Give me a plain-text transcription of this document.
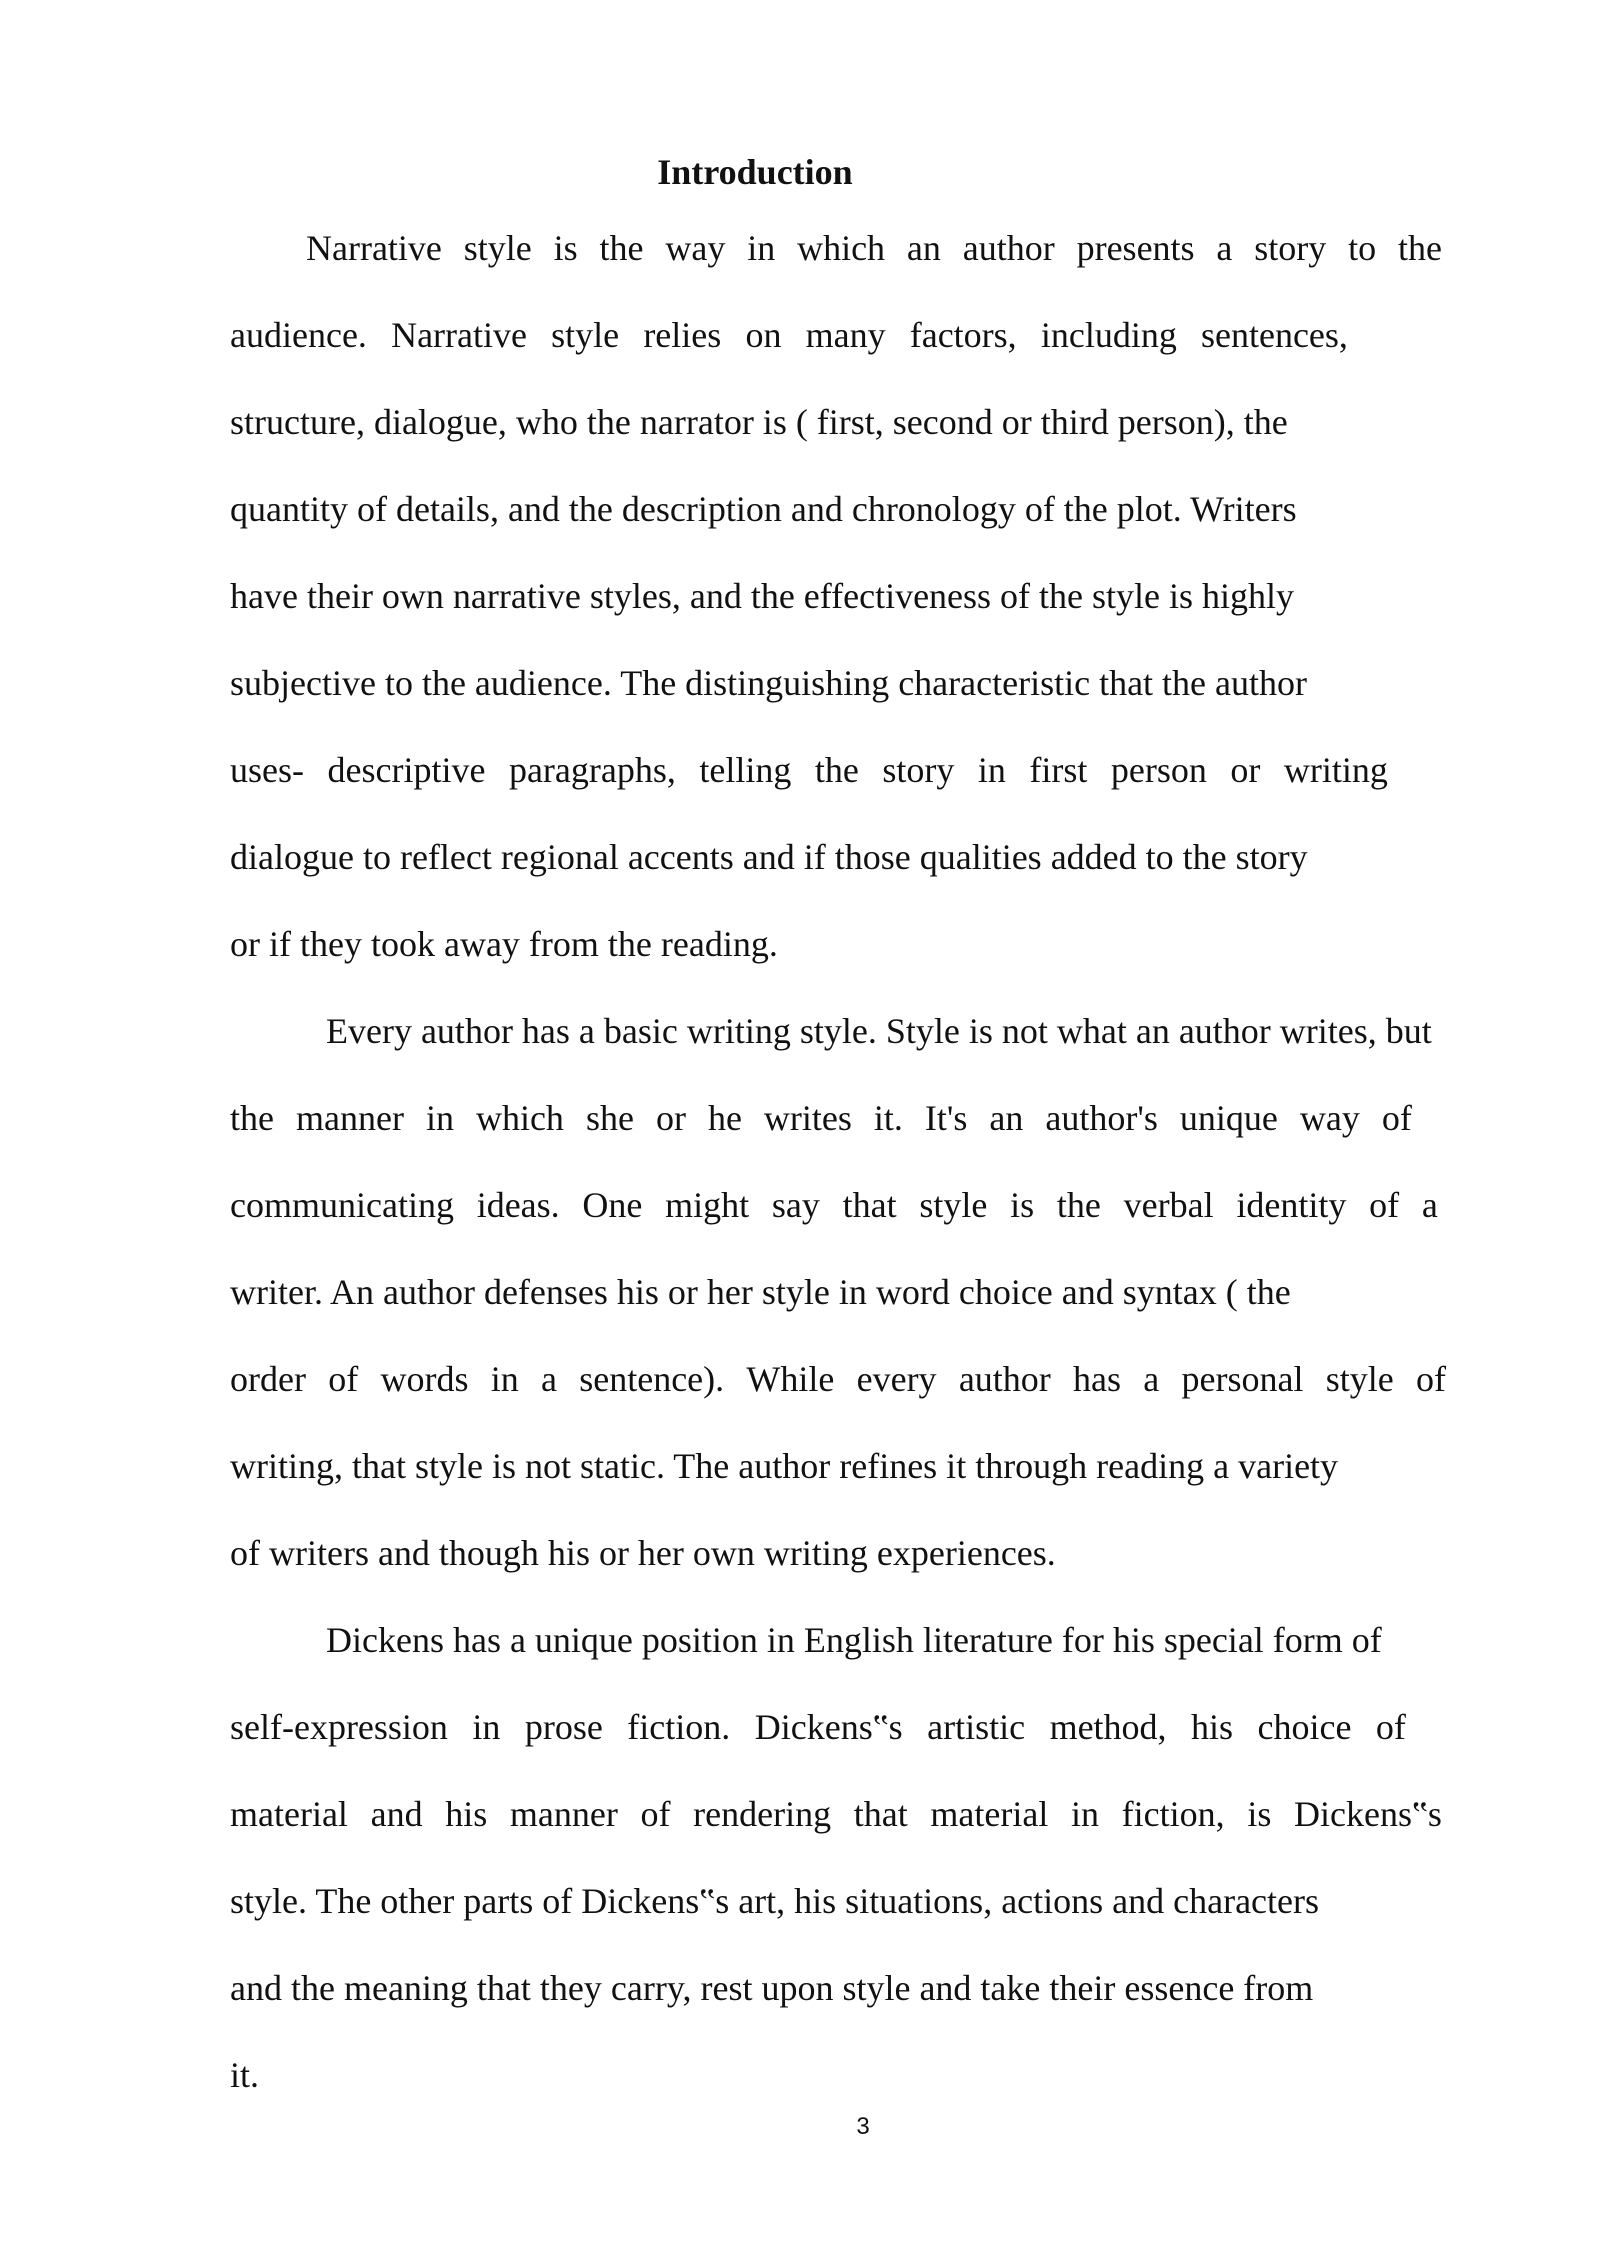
Introduction

Narrative style is the way in which an author presents a story to the

audience. Narrative style relies on many factors, including sentences,

structure, dialogue, who the narrator is ( first, second or third person), the

quantity of details, and the description and chronology of the plot. Writers

have their own narrative styles, and the effectiveness of the style is highly

subjective to the audience. The distinguishing characteristic that the author

uses- descriptive paragraphs, telling the story in first person or writing

dialogue to reflect regional accents and if those qualities added to the story

or if they took away from the reading.

Every author has a basic writing style. Style is not what an author writes, but

the manner in which she or he writes it. It's an author's unique way of

communicating ideas. One might say that style is the verbal identity of a

writer. An author defenses his or her style in word choice and syntax ( the

order of words in a sentence). While every author has a personal style of

writing, that style is not static. The author refines it through reading a variety

of writers and though his or her own writing experiences.

Dickens has a unique position in English literature for his special form of

self-expression in prose fiction. Dickens‟s artistic method, his choice of

material and his manner of rendering that material in fiction, is Dickens‟s

style. The other parts of Dickens‟s art, his situations, actions and characters

and the meaning that they carry, rest upon style and take their essence from

it.

3
